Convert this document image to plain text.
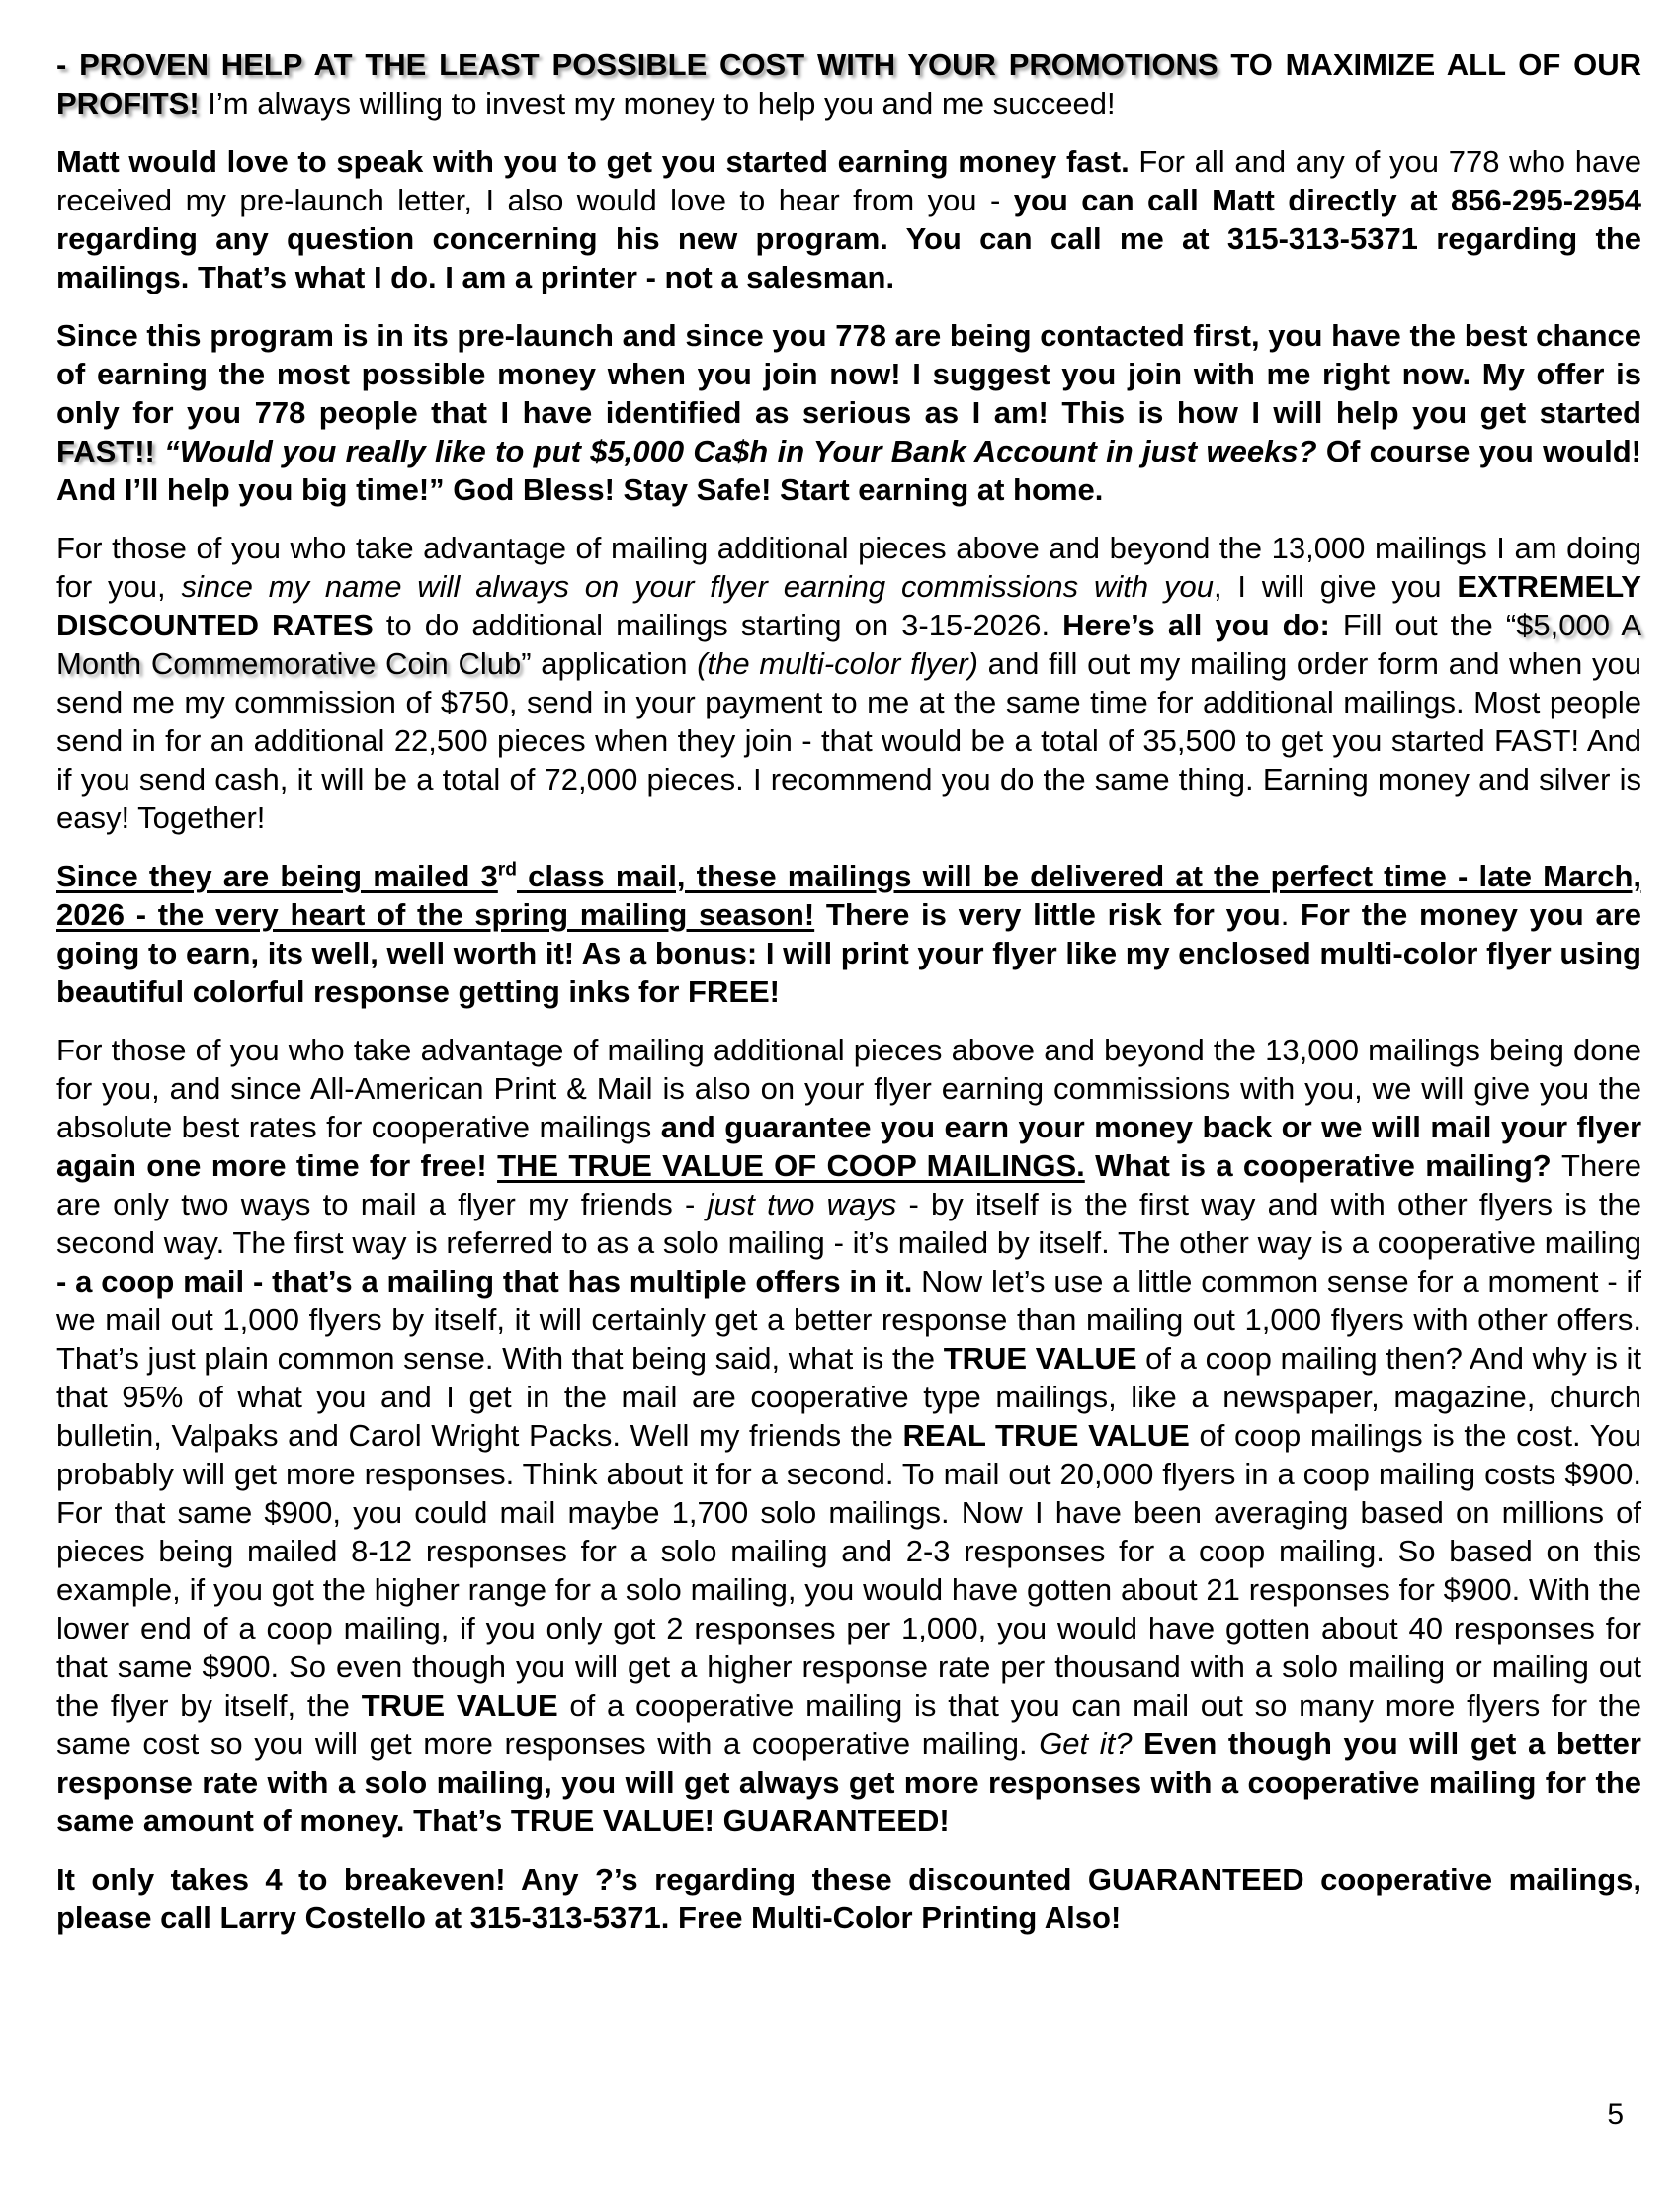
- PROVEN HELP AT THE LEAST POSSIBLE COST WITH YOUR PROMOTIONS TO MAXIMIZE ALL OF OUR PROFITS! I’m always willing to invest my money to help you and me succeed!

Matt would love to speak with you to get you started earning money fast. For all and any of you 778 who have received my pre-launch letter, I also would love to hear from you - you can call Matt directly at 856-295-2954 regarding any question concerning his new program. You can call me at 315-313-5371 regarding the mailings. That’s what I do. I am a printer - not a salesman.

Since this program is in its pre-launch and since you 778 are being contacted first, you have the best chance of earning the most possible money when you join now! I suggest you join with me right now. My offer is only for you 778 people that I have identified as serious as I am! This is how I will help you get started FAST!! “Would you really like to put $5,000 Ca$h in Your Bank Account in just weeks? Of course you would! And I’ll help you big time!” God Bless! Stay Safe! Start earning at home.

For those of you who take advantage of mailing additional pieces above and beyond the 13,000 mailings I am doing for you, since my name will always on your flyer earning commissions with you, I will give you EXTREMELY DISCOUNTED RATES to do additional mailings starting on 3-15-2026. Here’s all you do: Fill out the “$5,000 A Month Commemorative Coin Club” application (the multi-color flyer) and fill out my mailing order form and when you send me my commission of $750, send in your payment to me at the same time for additional mailings. Most people send in for an additional 22,500 pieces when they join - that would be a total of 35,500 to get you started FAST! And if you send cash, it will be a total of 72,000 pieces. I recommend you do the same thing. Earning money and silver is easy! Together!

Since they are being mailed 3rd class mail, these mailings will be delivered at the perfect time - late March, 2026 - the very heart of the spring mailing season! There is very little risk for you. For the money you are going to earn, its well, well worth it! As a bonus: I will print your flyer like my enclosed multi-color flyer using beautiful colorful response getting inks for FREE!

For those of you who take advantage of mailing additional pieces above and beyond the 13,000 mailings being done for you, and since All-American Print & Mail is also on your flyer earning commissions with you, we will give you the absolute best rates for cooperative mailings and guarantee you earn your money back or we will mail your flyer again one more time for free! THE TRUE VALUE OF COOP MAILINGS. What is a cooperative mailing? There are only two ways to mail a flyer my friends - just two ways - by itself is the first way and with other flyers is the second way. The first way is referred to as a solo mailing - it’s mailed by itself. The other way is a cooperative mailing - a coop mail - that’s a mailing that has multiple offers in it. Now let’s use a little common sense for a moment - if we mail out 1,000 flyers by itself, it will certainly get a better response than mailing out 1,000 flyers with other offers. That’s just plain common sense. With that being said, what is the TRUE VALUE of a coop mailing then? And why is it that 95% of what you and I get in the mail are cooperative type mailings, like a newspaper, magazine, church bulletin, Valpaks and Carol Wright Packs. Well my friends the REAL TRUE VALUE of coop mailings is the cost. You probably will get more responses. Think about it for a second. To mail out 20,000 flyers in a coop mailing costs $900. For that same $900, you could mail maybe 1,700 solo mailings. Now I have been averaging based on millions of pieces being mailed 8-12 responses for a solo mailing and 2-3 responses for a coop mailing. So based on this example, if you got the higher range for a solo mailing, you would have gotten about 21 responses for $900. With the lower end of a coop mailing, if you only got 2 responses per 1,000, you would have gotten about 40 responses for that same $900. So even though you will get a higher response rate per thousand with a solo mailing or mailing out the flyer by itself, the TRUE VALUE of a cooperative mailing is that you can mail out so many more flyers for the same cost so you will get more responses with a cooperative mailing. Get it? Even though you will get a better response rate with a solo mailing, you will get always get more responses with a cooperative mailing for the same amount of money. That’s TRUE VALUE! GUARANTEED!

It only takes 4 to breakeven! Any ?’s regarding these discounted GUARANTEED cooperative mailings, please call Larry Costello at 315-313-5371. Free Multi-Color Printing Also!

5
